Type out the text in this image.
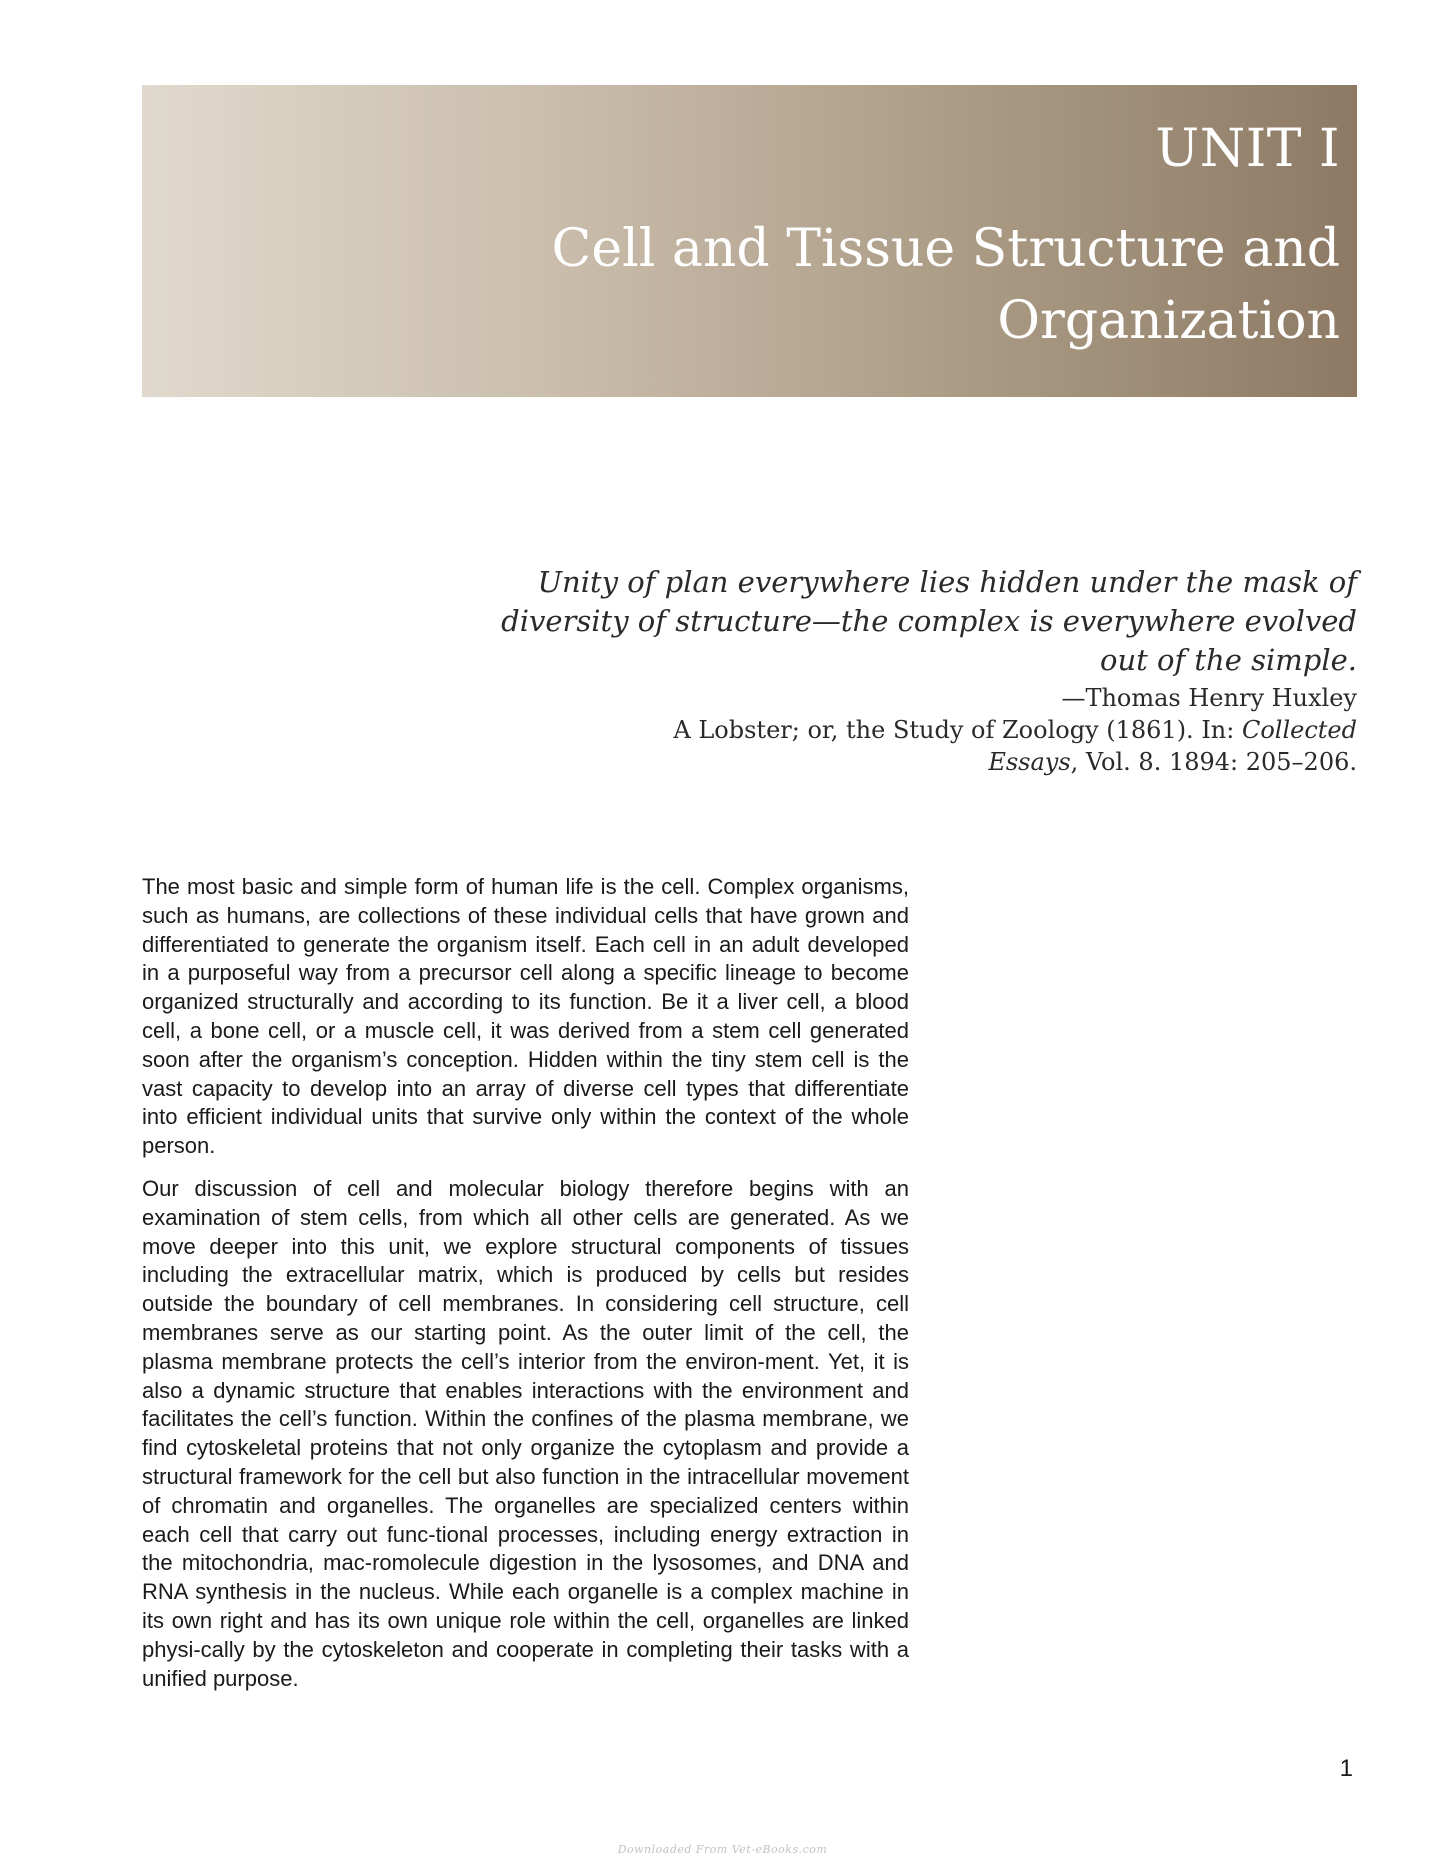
UNIT I
Cell and Tissue Structure and Organization
Unity of plan everywhere lies hidden under the mask of diversity of structure—the complex is everywhere evolved out of the simple.
—Thomas Henry Huxley
A Lobster; or, the Study of Zoology (1861). In: Collected
Essays, Vol. 8. 1894: 205–206.

The most basic and simple form of human life is the cell. Complex organisms, such as humans, are collections of these individual cells that have grown and differentiated to generate the organism itself. Each cell in an adult developed in a purposeful way from a precursor cell along a specific lineage to become organized structurally and according to its function. Be it a liver cell, a blood cell, a bone cell, or a muscle cell, it was derived from a stem cell generated soon after the organism’s conception. Hidden within the tiny stem cell is the vast capacity to develop into an array of diverse cell types that differentiate into efficient individual units that survive only within the context of the whole person.

Our discussion of cell and molecular biology therefore begins with an examination of stem cells, from which all other cells are generated. As we move deeper into this unit, we explore structural components of tissues including the extracellular matrix, which is produced by cells but resides outside the boundary of cell membranes. In considering cell structure, cell membranes serve as our starting point. As the outer limit of the cell, the plasma membrane protects the cell’s interior from the environ-ment. Yet, it is also a dynamic structure that enables interactions with the environment and facilitates the cell’s function. Within the confines of the plasma membrane, we find cytoskeletal proteins that not only organize the cytoplasm and provide a structural framework for the cell but also function in the intracellular movement of chromatin and organelles. The organelles are specialized centers within each cell that carry out func-tional processes, including energy extraction in the mitochondria, mac-romolecule digestion in the lysosomes, and DNA and RNA synthesis in the nucleus. While each organelle is a complex machine in its own right and has its own unique role within the cell, organelles are linked physi-cally by the cytoskeleton and cooperate in completing their tasks with a unified purpose.

1
Downloaded From Vet-eBooks.com
